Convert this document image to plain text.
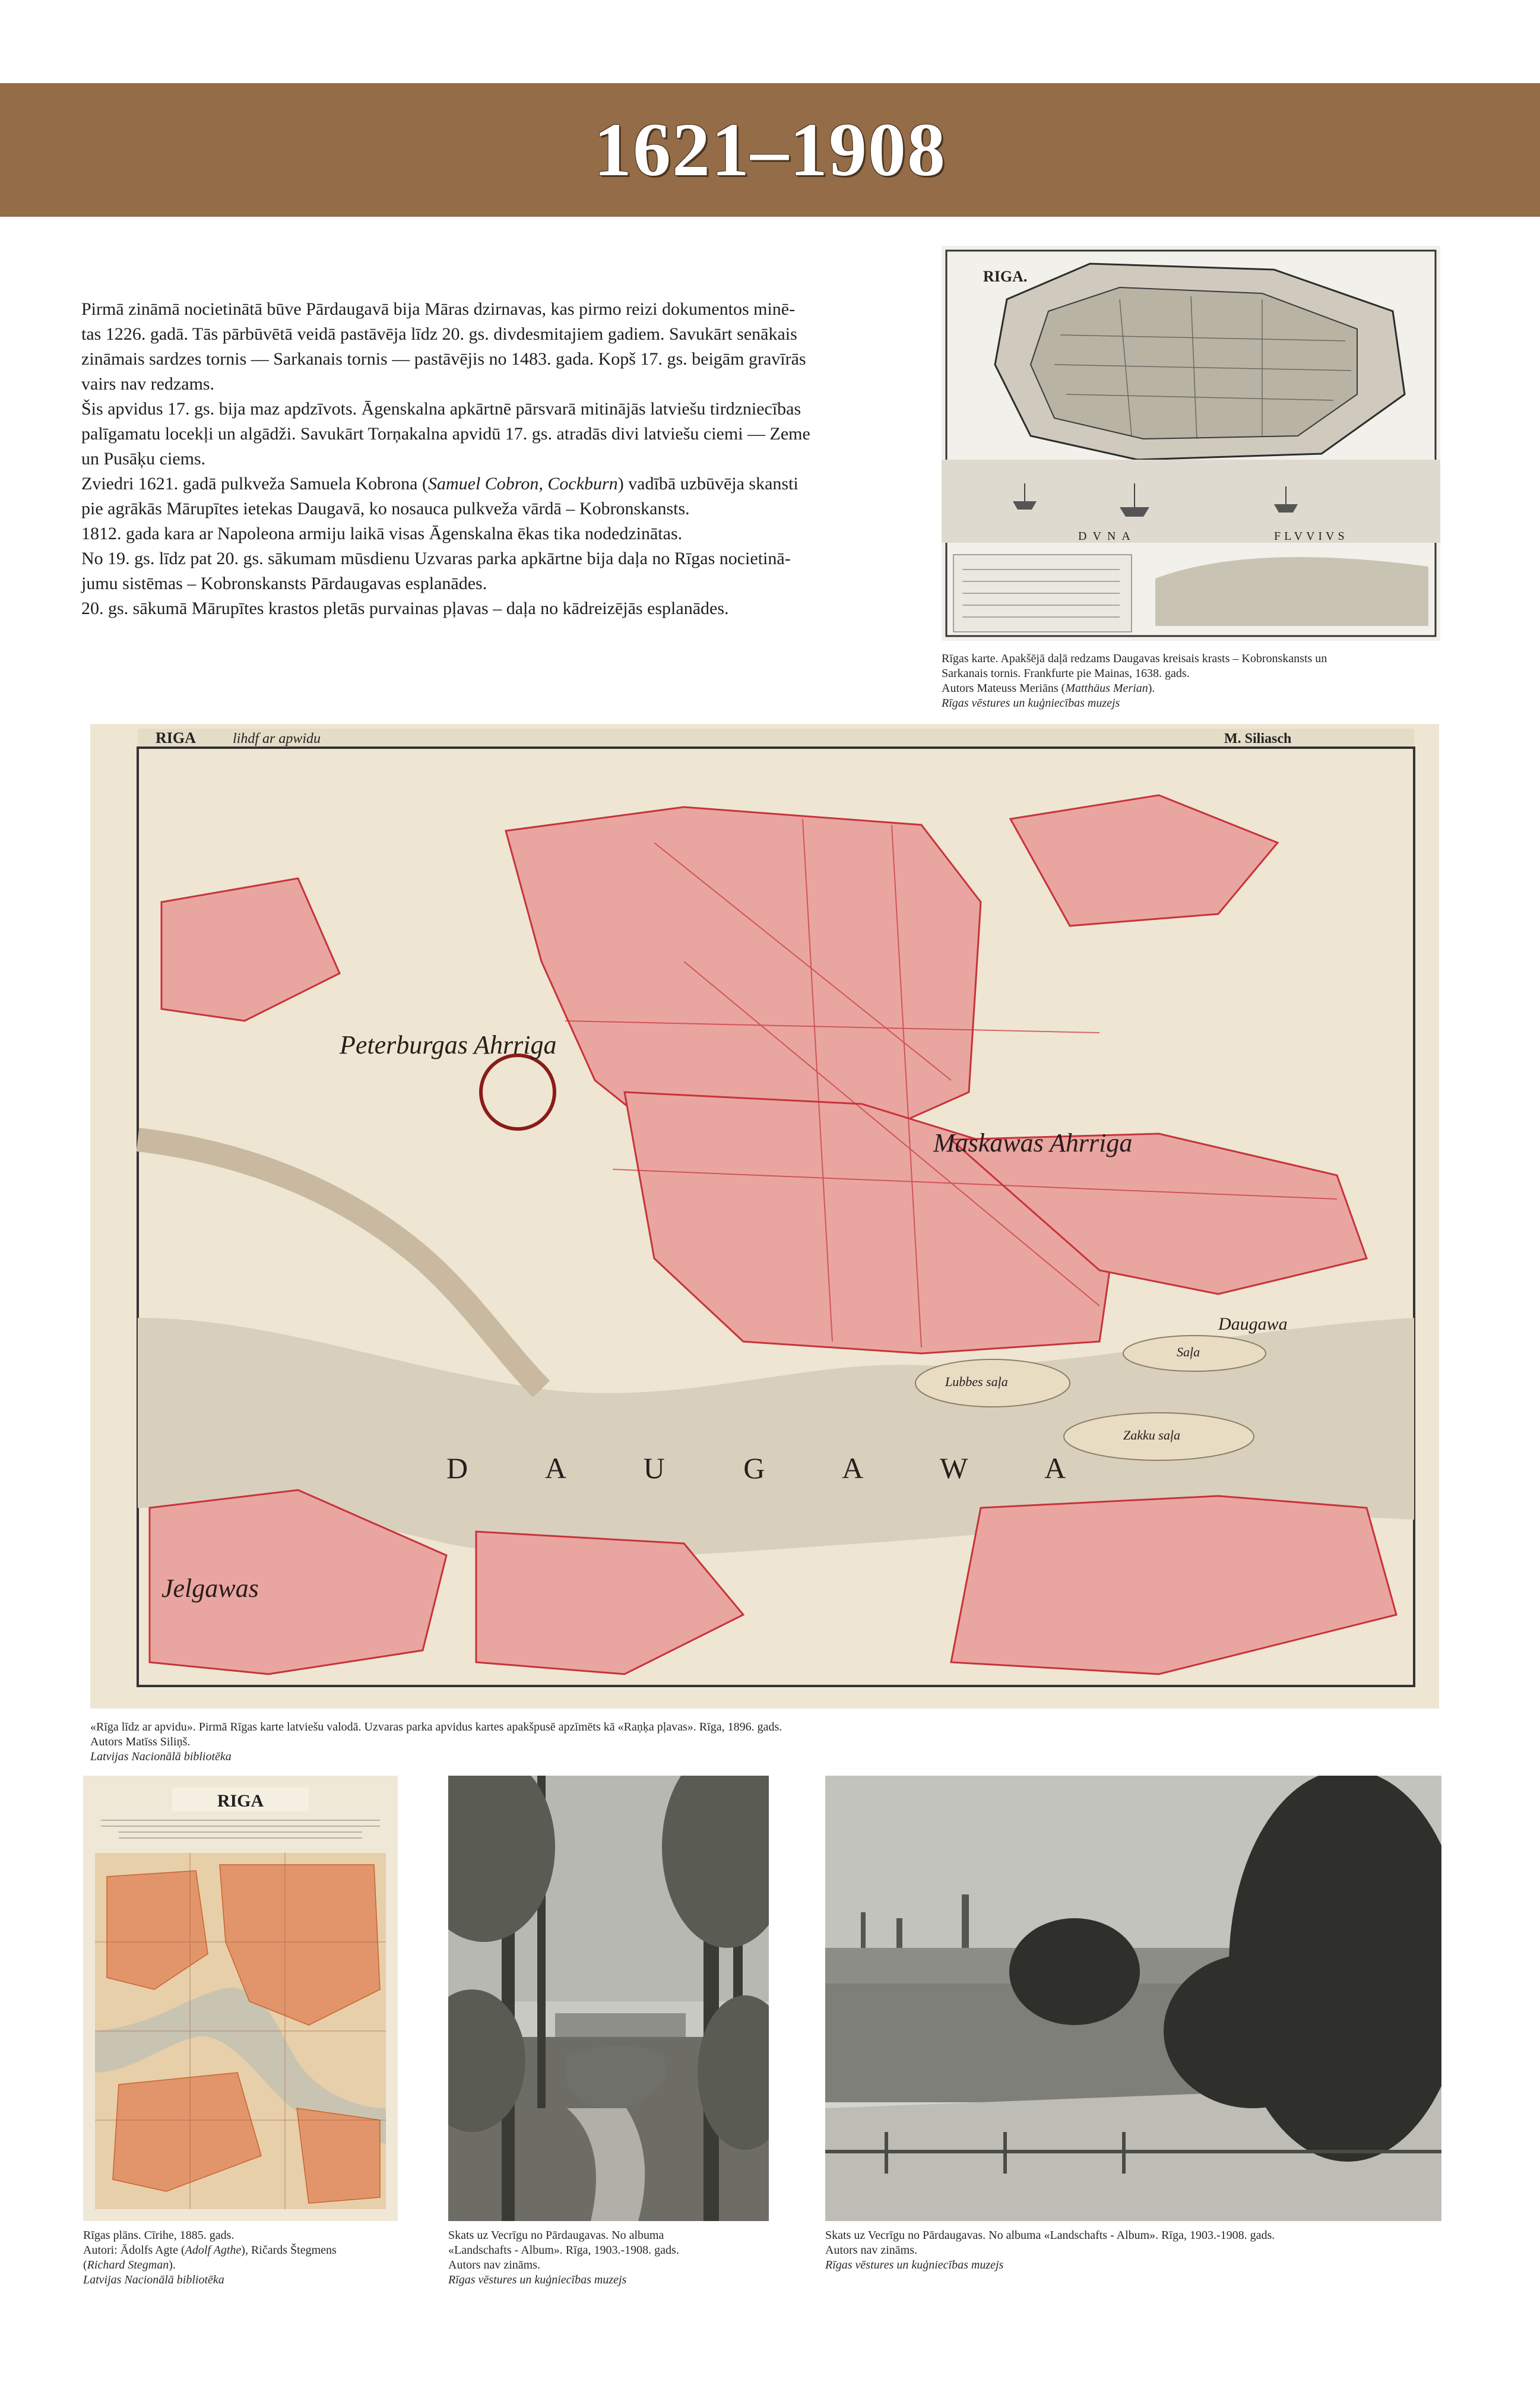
1621–1908

Pirmā zināmā nocietinātā būve Pārdaugavā bija Māras dzirnavas, kas pirmo reizi dokumentos minē-
tas 1226. gadā. Tās pārbūvētā veidā pastāvēja līdz 20. gs. divdesmitajiem gadiem. Savukārt senākais
zināmais sardzes tornis — Sarkanais tornis — pastāvējis no 1483. gada. Kopš 17. gs. beigām gravīrās
vairs nav redzams.

Šis apvidus 17. gs. bija maz apdzīvots. Āgenskalna apkārtnē pārsvarā mitinājās latviešu tirdzniecības
palīgamatu locekļi un algādži. Savukārt Torņakalna apvidū 17. gs. atradās divi latviešu ciemi — Zeme
un Pusāķu ciems.

Zviedri 1621. gadā pulkveža Samuela Kobrona (Samuel Cobron, Cockburn) vadībā uzbūvēja skansti
pie agrākās Mārupītes ietekas Daugavā, ko nosauca pulkveža vārdā – Kobronskansts.

1812. gada kara ar Napoleona armiju laikā visas Āgenskalna ēkas tika nodedzinātas.

No 19. gs. līdz pat 20. gs. sākumam mūsdienu Uzvaras parka apkārtne bija daļa no Rīgas nocietinā-
jumu sistēmas – Kobronskansts Pārdaugavas esplanādes.

20. gs. sākumā Mārupītes krastos pletās purvainas pļavas – daļa no kādreizējās esplanādes.

RIGA.
DVNA	FLVVIVS
Rīgas karte. Apakšējā daļā redzams Daugavas kreisais krasts – Kobronskansts un
Sarkanais tornis. Frankfurte pie Mainas, 1638. gads.
Autors Mateuss Meriāns (Matthäus Merian).
Rīgas vēstures un kuģniecības muzejs
RIGA	lihdf ar apwidu	M. Siliasch
Peterburgas Ahrriga
Maskawas Ahrriga
D A U G A W A
Jelgawas
Lubbes saļa
Zakku saļa
Saļa
Daugawa
«Rīga līdz ar apvidu». Pirmā Rīgas karte latviešu valodā. Uzvaras parka apvidus kartes apakšpusē apzīmēts kā «Raņķa pļavas». Rīga, 1896. gads.
Autors Matīss Siliņš.
Latvijas Nacionālā bibliotēka
RIGA
Rīgas plāns. Cīrihe, 1885. gads.
Autori: Ādolfs Agte (Adolf Agthe), Ričards Štegmens
(Richard Stegman).
Latvijas Nacionālā bibliotēka
Skats uz Vecrīgu no Pārdaugavas. No albuma
«Landschafts - Album». Rīga, 1903.-1908. gads.
Autors nav zināms.
Rīgas vēstures un kuģniecības muzejs
Skats uz Vecrīgu no Pārdaugavas. No albuma «Landschafts - Album». Rīga, 1903.-1908. gads.
Autors nav zināms.
Rīgas vēstures un kuģniecības muzejs
